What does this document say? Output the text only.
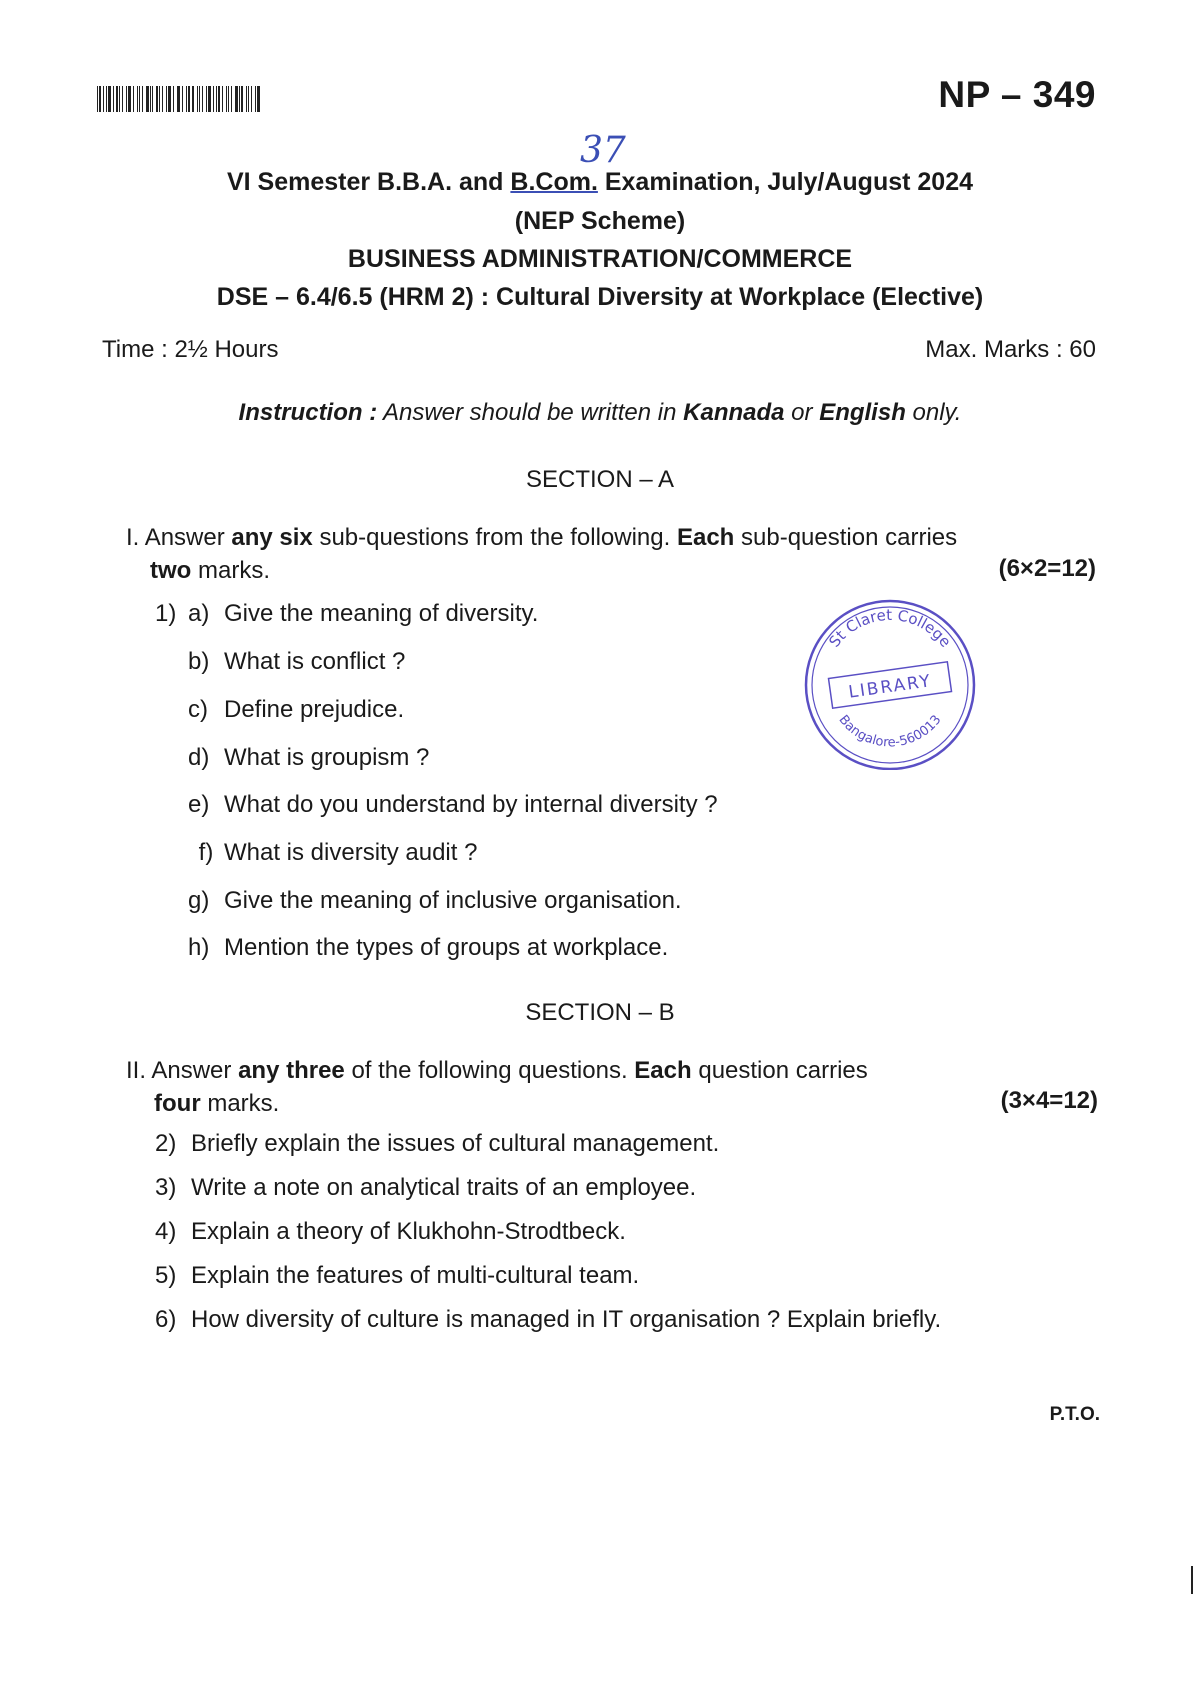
NP – 349
37
VI Semester B.B.A. and B.Com. Examination, July/August 2024
(NEP Scheme)
BUSINESS ADMINISTRATION/COMMERCE
DSE – 6.4/6.5 (HRM 2) : Cultural Diversity at Workplace (Elective)
Time : 2½ Hours	Max. Marks : 60
Instruction : Answer should be written in Kannada or English only.
SECTION – A
I. Answer any six sub-questions from the following. Each sub-question carries
two marks.	(6×2=12)
1) a) Give the meaning of diversity.
b) What is conflict ?
c) Define prejudice.
d) What is groupism ?
e) What do you understand by internal diversity ?
f) What is diversity audit ?
g) Give the meaning of inclusive organisation.
h) Mention the types of groups at workplace.
St Claret College
LIBRARY
Bangalore-560013
SECTION – B
II. Answer any three of the following questions. Each question carries
four marks.	(3×4=12)
2) Briefly explain the issues of cultural management.
3) Write a note on analytical traits of an employee.
4) Explain a theory of Klukhohn-Strodtbeck.
5) Explain the features of multi-cultural team.
6) How diversity of culture is managed in IT organisation ? Explain briefly.
P.T.O.
